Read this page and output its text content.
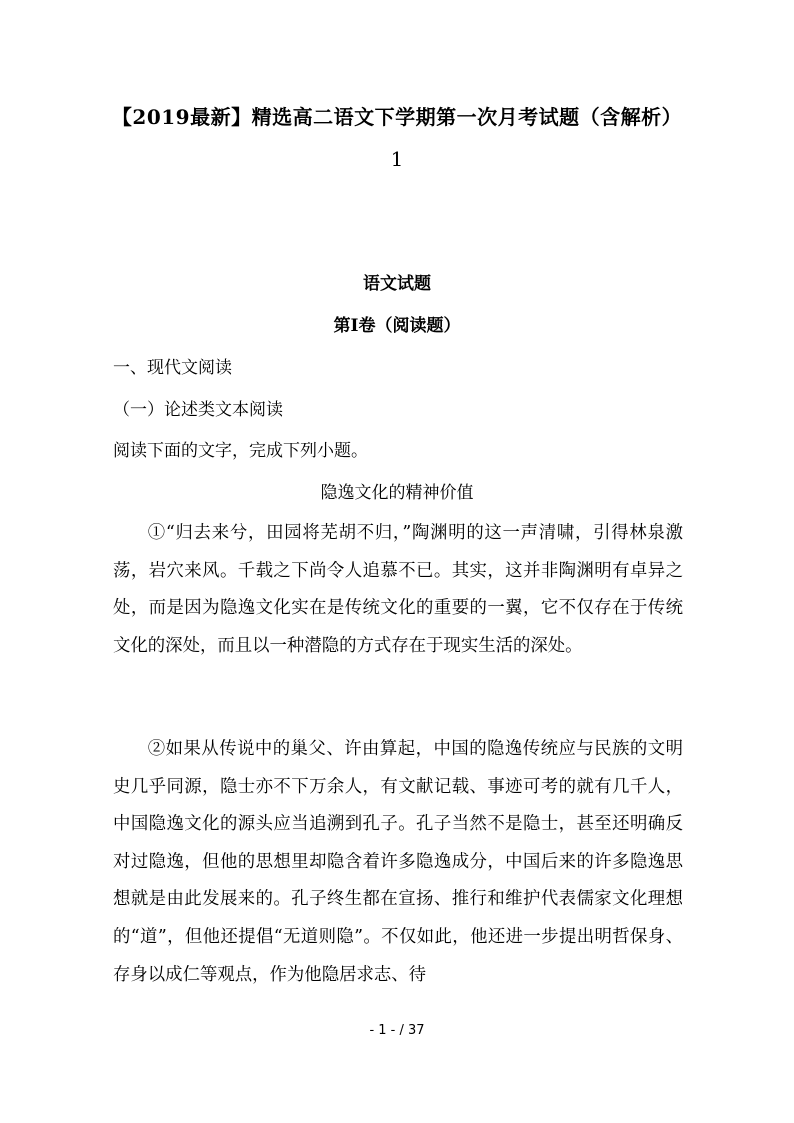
【2019最新】精选高二语文下学期第一次月考试题（含解析）
1
语文试题
第Ⅰ卷（阅读题）
一、现代文阅读
（一）论述类文本阅读
阅读下面的文字，完成下列小题。
隐逸文化的精神价值

①“归去来兮，田园将芜胡不归，”陶渊明的这一声清啸，引得林泉激荡，岩穴来风。千载之下尚令人追慕不已。其实，这并非陶渊明有卓异之处，而是因为隐逸文化实在是传统文化的重要的一翼，它不仅存在于传统文化的深处，而且以一种潜隐的方式存在于现实生活的深处。

②如果从传说中的巢父、许由算起，中国的隐逸传统应与民族的文明史几乎同源，隐士亦不下万余人，有文献记载、事迹可考的就有几千人，中国隐逸文化的源头应当追溯到孔子。孔子当然不是隐士，甚至还明确反对过隐逸，但他的思想里却隐含着许多隐逸成分，中国后来的许多隐逸思想就是由此发展来的。孔子终生都在宣扬、推行和维护代表儒家文化理想的“道”，但他还提倡“无道则隐”。不仅如此，他还进一步提出明哲保身、存身以成仁等观点，作为他隐居求志、待

- 1 - / 37
